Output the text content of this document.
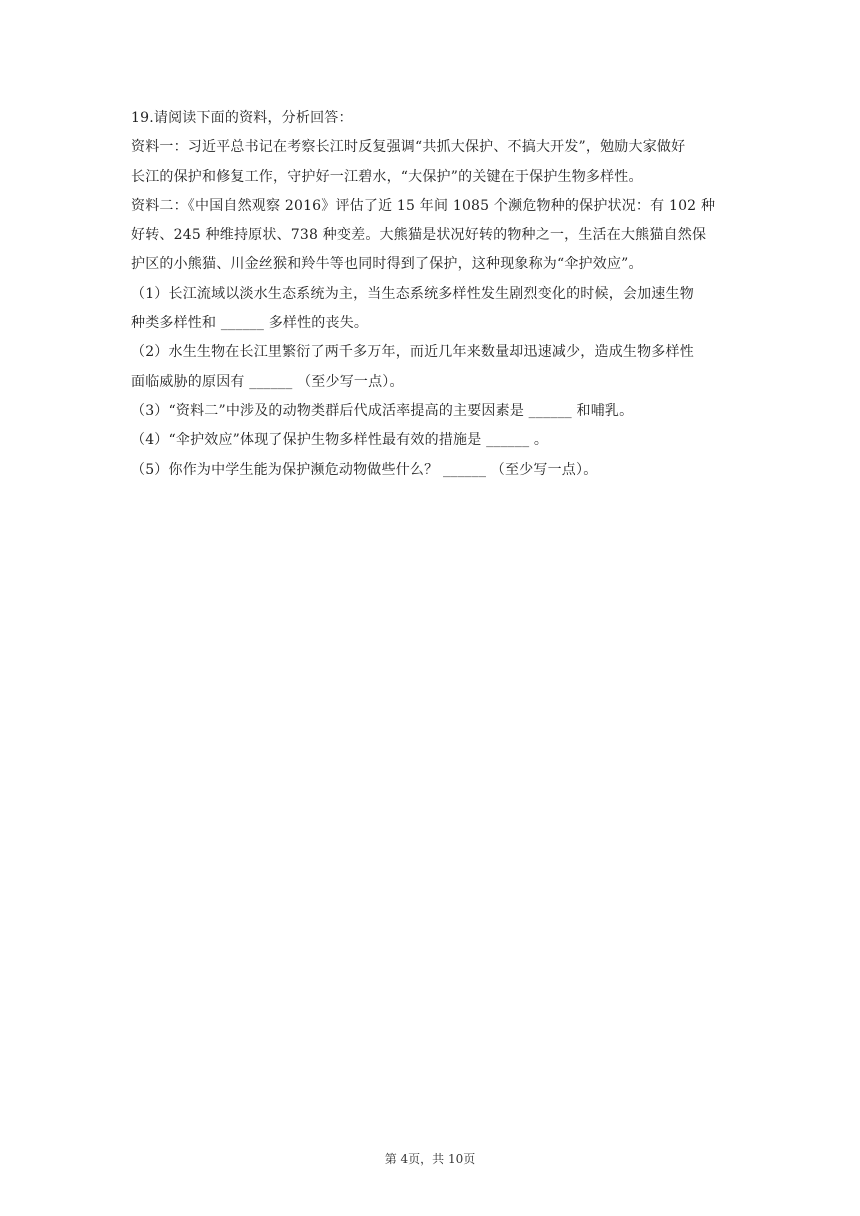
19.请阅读下面的资料，分析回答：
资料一：习近平总书记在考察长江时反复强调“共抓大保护、不搞大开发”，勉励大家做好
长江的保护和修复工作，守护好一江碧水，“大保护”的关键在于保护生物多样性。
资料二：《中国自然观察 2016》评估了近 15 年间 1085 个濒危物种的保护状况：有 102 种
好转、245 种维持原状、738 种变差。大熊猫是状况好转的物种之一，生活在大熊猫自然保
护区的小熊猫、川金丝猴和羚牛等也同时得到了保护，这种现象称为“伞护效应”。
（1）长江流域以淡水生态系统为主，当生态系统多样性发生剧烈变化的时候，会加速生物
种类多样性和 ______ 多样性的丧失。
（2）水生生物在长江里繁衍了两千多万年，而近几年来数量却迅速减少，造成生物多样性
面临威胁的原因有 ______ （至少写一点）。
（3）“资料二”中涉及的动物类群后代成活率提高的主要因素是 ______ 和哺乳。
（4）“伞护效应”体现了保护生物多样性最有效的措施是 ______ 。
（5）你作为中学生能为保护濒危动物做些什么？ ______ （至少写一点）。
第 4页，共 10页
